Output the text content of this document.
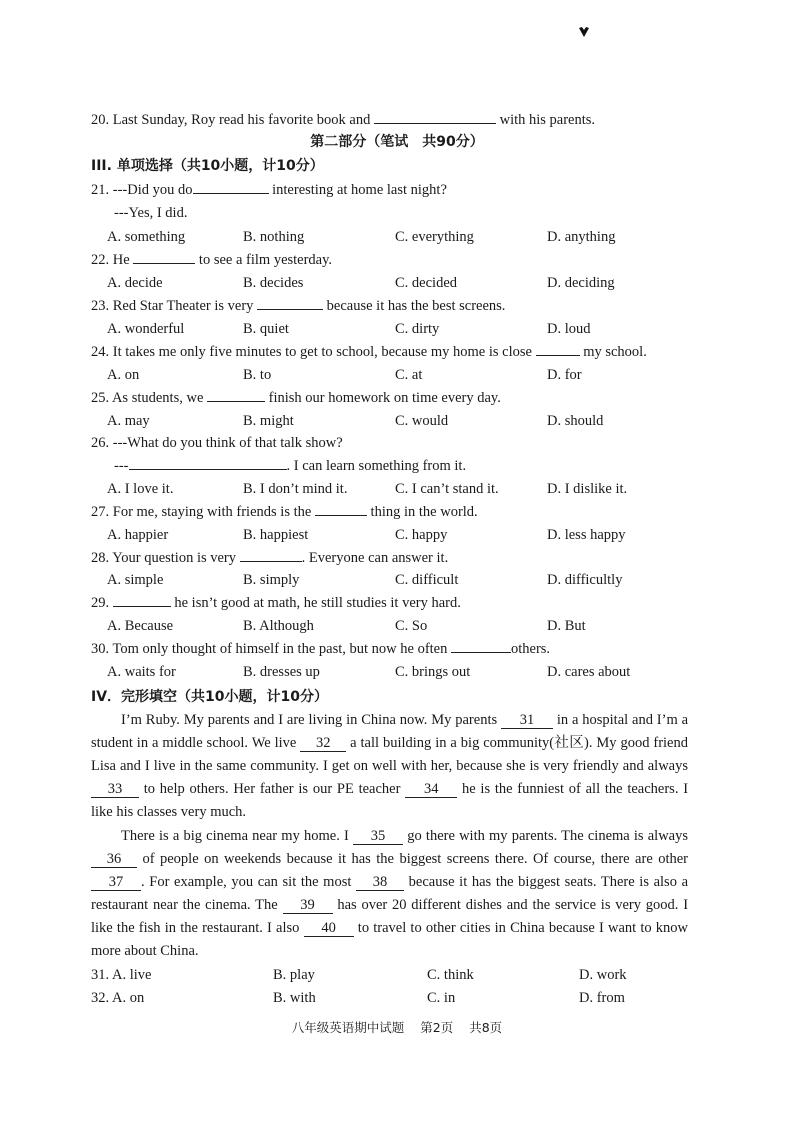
20. Last Sunday, Roy read his favorite book and	with his parents.
第二部分（笔试　共90分）
III. 单项选择（共10小题，计10分）
21. ---Did you do	interesting at home last night?
---Yes, I did.
A. something	B. nothing	C. everything	D. anything
22. He	to see a film yesterday.
A. decide	B. decides	C. decided	D. deciding
23. Red Star Theater is very	because it has the best screens.
A. wonderful	B. quiet	C. dirty	D. loud
24. It takes me only five minutes to get to school, because my home is close	my school.
A. on	B. to	C. at	D. for
25. As students, we	finish our homework on time every day.
A. may	B. might	C. would	D. should
26. ---What do you think of that talk show?
---	. I can learn something from it.
A. I love it.	B. I don’t mind it.	C. I can’t stand it.	D. I dislike it.
27. For me, staying with friends is the	thing in the world.
A. happier	B. happiest	C. happy	D. less happy
28. Your question is very	. Everyone can answer it.
A. simple	B. simply	C. difficult	D. difficultly
29.	he isn’t good at math, he still studies it very hard.
A. Because	B. Although	C. So	D. But
30. Tom only thought of himself in the past, but now he often	others.
A. waits for	B. dresses up	C. brings out	D. cares about
IV．完形填空（共10小题，计10分）
I’m Ruby. My parents and I are living in China now. My parents 31 in a hospital and I’m a student in a middle school. We live 32 a tall building in a big community(社区). My good friend Lisa and I live in the same community. I get on well with her, because she is very friendly and always 33 to help others. Her father is our PE teacher 34 he is the funniest of all the teachers. I like his classes very much.
There is a big cinema near my home. I 35 go there with my parents. The cinema is always 36 of people on weekends because it has the biggest screens there. Of course, there are other 37 . For example, you can sit the most 38 because it has the biggest seats. There is also a restaurant near the cinema. The 39 has over 20 different dishes and the service is very good. I like the fish in the restaurant. I also 40 to travel to other cities in China because I want to know more about China.
31. A. live	B. play	C. think	D. work
32. A. on	B. with	C. in	D. from
八年级英语期中试题 第2页 共8页
